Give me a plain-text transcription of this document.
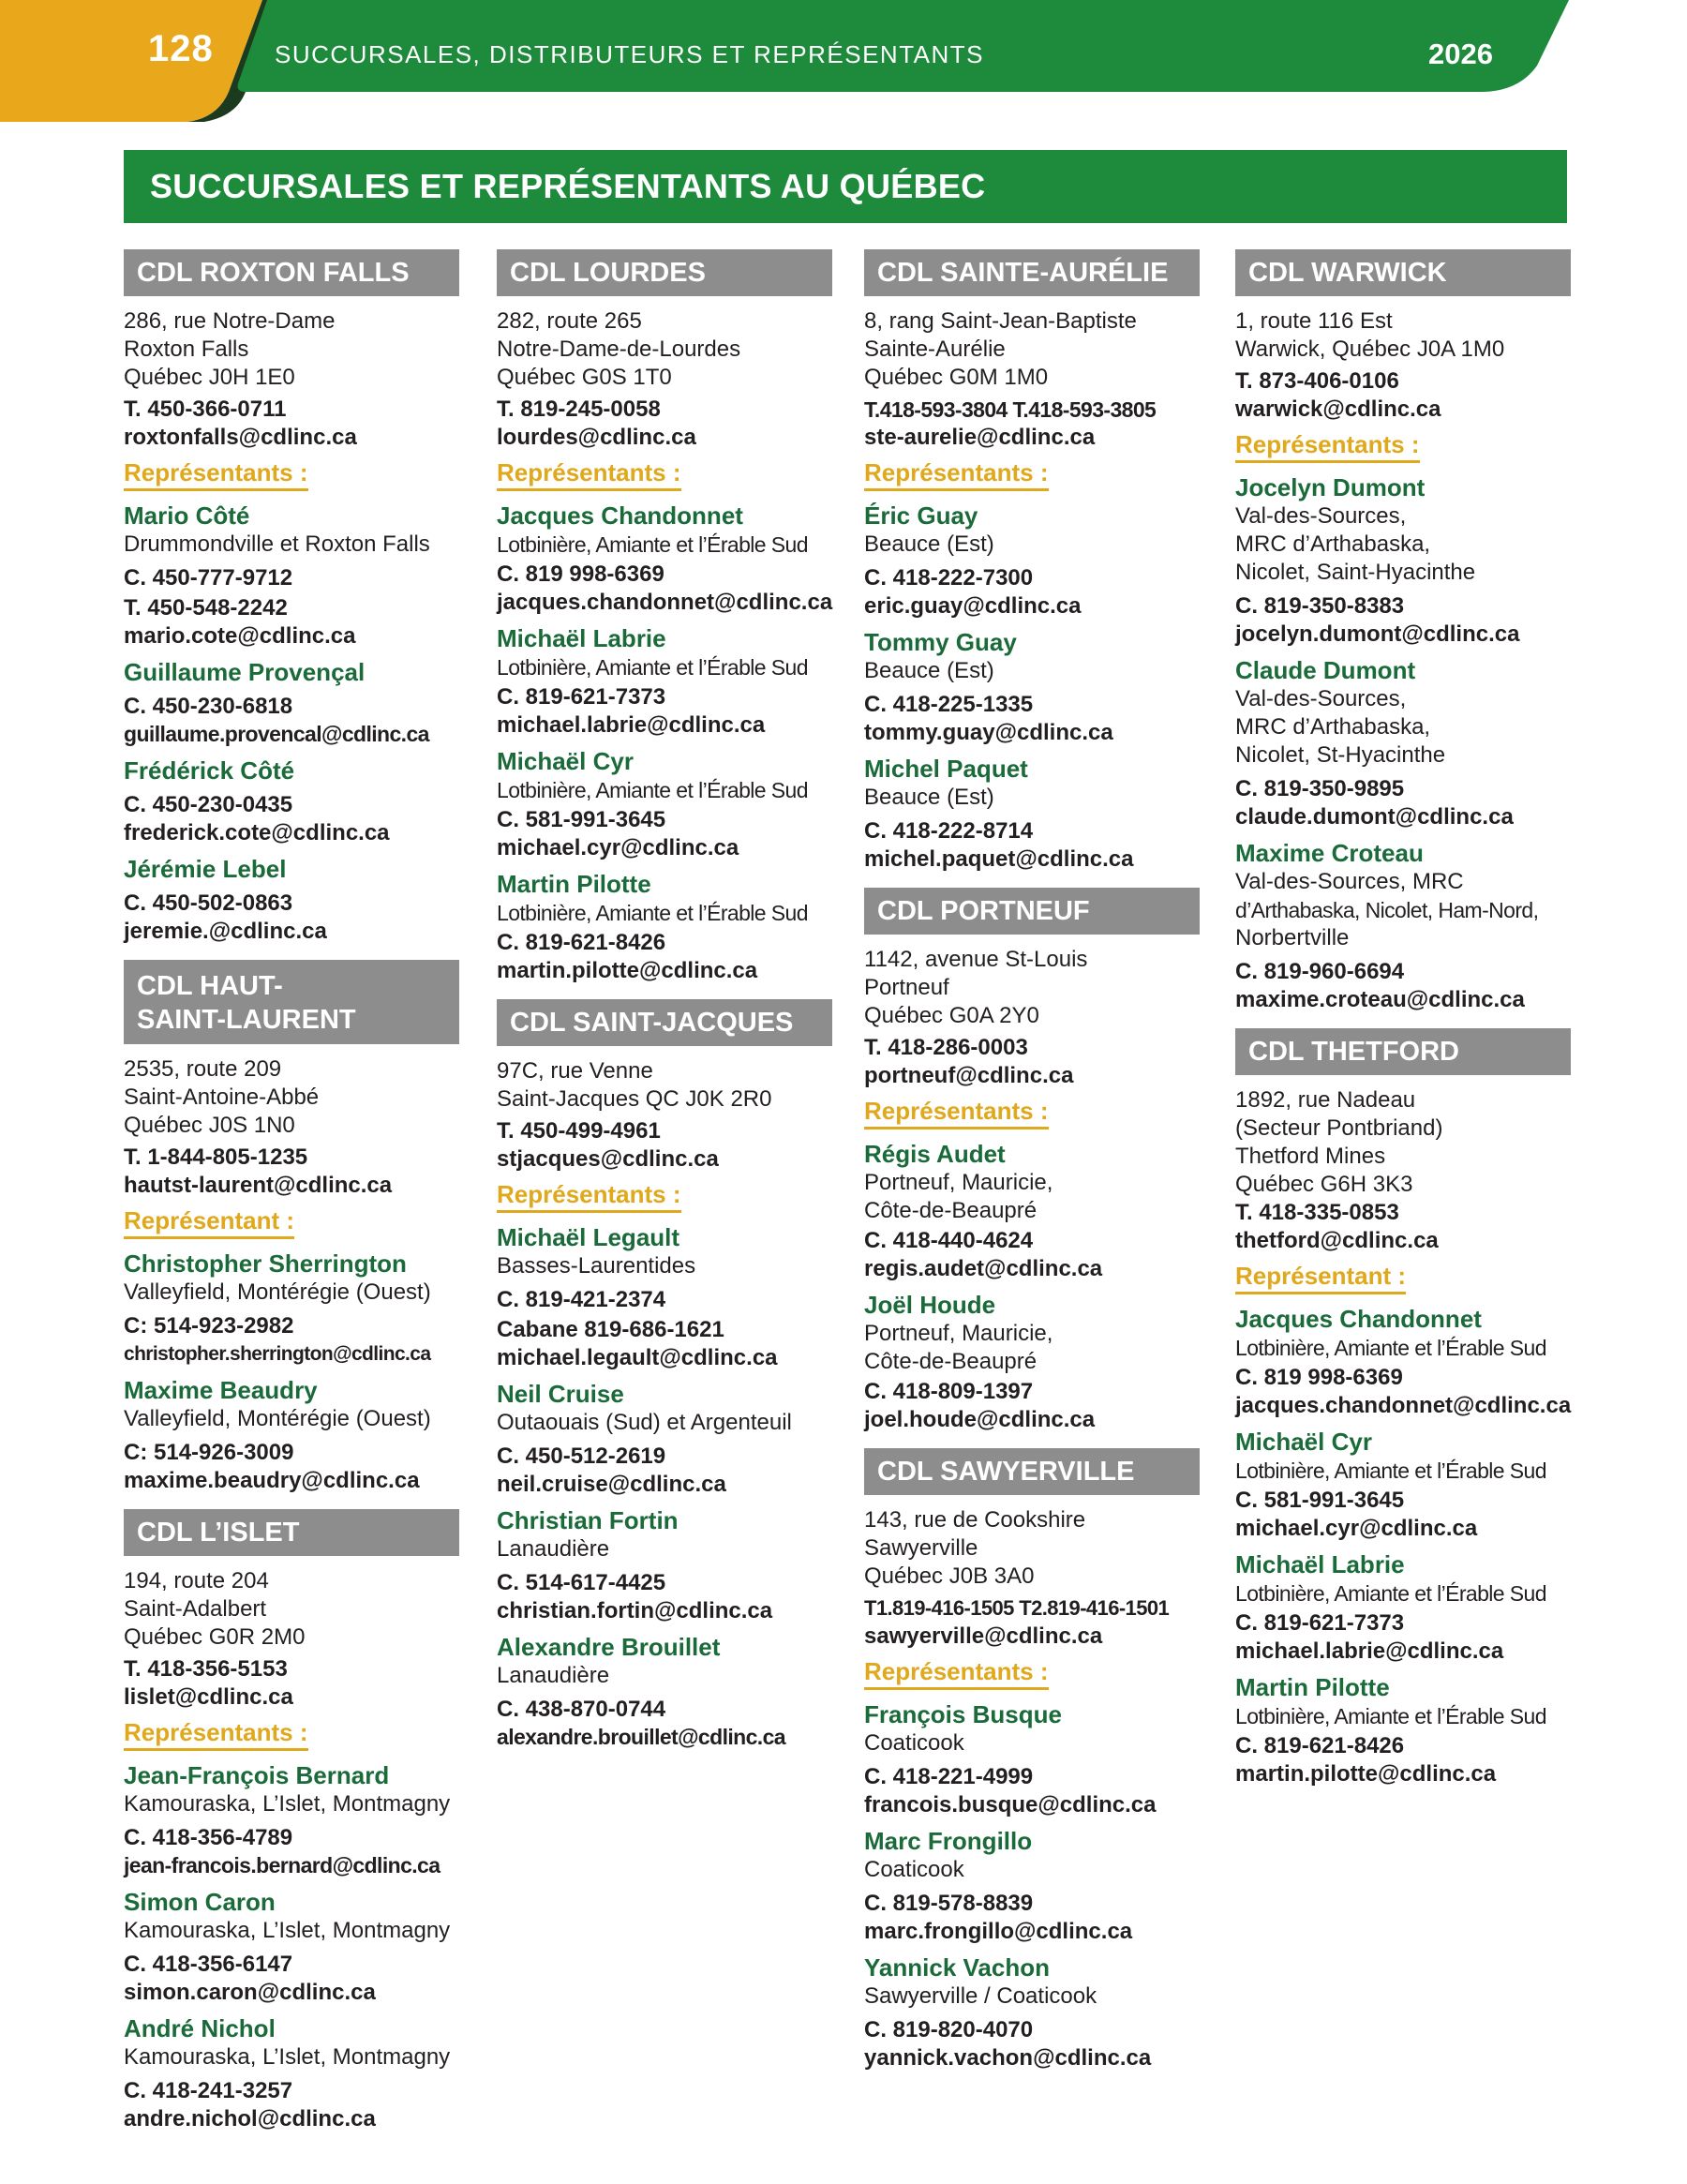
128	SUCCURSALES, DISTRIBUTEURS ET REPRÉSENTANTS	2026
SUCCURSALES ET REPRÉSENTANTS AU QUÉBEC
CDL ROXTON FALLS
286, rue Notre-Dame
Roxton Falls
Québec J0H 1E0
T. 450-366-0711
roxtonfalls@cdlinc.ca
Représentants :
Mario Côté
Drummondville et Roxton Falls
C. 450-777-9712
T. 450-548-2242
mario.cote@cdlinc.ca
Guillaume Provençal
C. 450-230-6818
guillaume.provencal@cdlinc.ca
Frédérick Côté
C. 450-230-0435
frederick.cote@cdlinc.ca
Jérémie Lebel
C. 450-502-0863
jeremie.@cdlinc.ca
CDL HAUT-
SAINT-LAURENT
2535, route 209
Saint-Antoine-Abbé
Québec J0S 1N0
T. 1-844-805-1235
hautst-laurent@cdlinc.ca
Représentant :
Christopher Sherrington
Valleyfield, Montérégie (Ouest)
C: 514-923-2982
christopher.sherrington@cdlinc.ca
Maxime Beaudry
Valleyfield, Montérégie (Ouest)
C: 514-926-3009
maxime.beaudry@cdlinc.ca
CDL L’ISLET
194, route 204
Saint-Adalbert
Québec G0R 2M0
T. 418-356-5153
lislet@cdlinc.ca
Représentants :
Jean-François Bernard
Kamouraska, L’Islet, Montmagny
C. 418-356-4789
jean-francois.bernard@cdlinc.ca
Simon Caron
Kamouraska, L’Islet, Montmagny
C. 418-356-6147
simon.caron@cdlinc.ca
André Nichol
Kamouraska, L’Islet, Montmagny
C. 418-241-3257
andre.nichol@cdlinc.ca
CDL LOURDES
282, route 265
Notre-Dame-de-Lourdes
Québec G0S 1T0
T. 819-245-0058
lourdes@cdlinc.ca
Représentants :
Jacques Chandonnet
Lotbinière, Amiante et l’Érable Sud
C. 819 998-6369
jacques.chandonnet@cdlinc.ca
Michaël Labrie
Lotbinière, Amiante et l’Érable Sud
C. 819-621-7373
michael.labrie@cdlinc.ca
Michaël Cyr
Lotbinière, Amiante et l’Érable Sud
C. 581-991-3645
michael.cyr@cdlinc.ca
Martin Pilotte
Lotbinière, Amiante et l’Érable Sud
C. 819-621-8426
martin.pilotte@cdlinc.ca
CDL SAINT-JACQUES
97C, rue Venne
Saint-Jacques QC J0K 2R0
T. 450-499-4961
stjacques@cdlinc.ca
Représentants :
Michaël Legault
Basses-Laurentides
C. 819-421-2374
Cabane 819-686-1621
michael.legault@cdlinc.ca
Neil Cruise
Outaouais (Sud) et Argenteuil
C. 450-512-2619
neil.cruise@cdlinc.ca
Christian Fortin
Lanaudière
C. 514-617-4425
christian.fortin@cdlinc.ca
Alexandre Brouillet
Lanaudière
C. 438-870-0744
alexandre.brouillet@cdlinc.ca
CDL SAINTE-AURÉLIE
8, rang Saint-Jean-Baptiste
Sainte-Aurélie
Québec G0M 1M0
T.418-593-3804 T.418-593-3805
ste-aurelie@cdlinc.ca
Représentants :
Éric Guay
Beauce (Est)
C. 418-222-7300
eric.guay@cdlinc.ca
Tommy Guay
Beauce (Est)
C. 418-225-1335
tommy.guay@cdlinc.ca
Michel Paquet
Beauce (Est)
C. 418-222-8714
michel.paquet@cdlinc.ca
CDL PORTNEUF
1142, avenue St-Louis
Portneuf
Québec G0A 2Y0
T. 418-286-0003
portneuf@cdlinc.ca
Représentants :
Régis Audet
Portneuf, Mauricie,
Côte-de-Beaupré
C. 418-440-4624
regis.audet@cdlinc.ca
Joël Houde
Portneuf, Mauricie,
Côte-de-Beaupré
C. 418-809-1397
joel.houde@cdlinc.ca
CDL SAWYERVILLE
143, rue de Cookshire
Sawyerville
Québec J0B 3A0
T1.819-416-1505 T2.819-416-1501
sawyerville@cdlinc.ca
Représentants :
François Busque
Coaticook
C. 418-221-4999
francois.busque@cdlinc.ca
Marc Frongillo
Coaticook
C. 819-578-8839
marc.frongillo@cdlinc.ca
Yannick Vachon
Sawyerville / Coaticook
C. 819-820-4070
yannick.vachon@cdlinc.ca
CDL WARWICK
1, route 116 Est
Warwick, Québec J0A 1M0
T. 873-406-0106
warwick@cdlinc.ca
Représentants :
Jocelyn Dumont
Val-des-Sources,
MRC d’Arthabaska,
Nicolet, Saint-Hyacinthe
C. 819-350-8383
jocelyn.dumont@cdlinc.ca
Claude Dumont
Val-des-Sources,
MRC d’Arthabaska,
Nicolet, St-Hyacinthe
C. 819-350-9895
claude.dumont@cdlinc.ca
Maxime Croteau
Val-des-Sources, MRC
d’Arthabaska, Nicolet, Ham-Nord,
Norbertville
C. 819-960-6694
maxime.croteau@cdlinc.ca
CDL THETFORD
1892, rue Nadeau
(Secteur Pontbriand)
Thetford Mines
Québec G6H 3K3
T. 418-335-0853
thetford@cdlinc.ca
Représentant :
Jacques Chandonnet
Lotbinière, Amiante et l’Érable Sud
C. 819 998-6369
jacques.chandonnet@cdlinc.ca
Michaël Cyr
Lotbinière, Amiante et l’Érable Sud
C. 581-991-3645
michael.cyr@cdlinc.ca
Michaël Labrie
Lotbinière, Amiante et l’Érable Sud
C. 819-621-7373
michael.labrie@cdlinc.ca
Martin Pilotte
Lotbinière, Amiante et l’Érable Sud
C. 819-621-8426
martin.pilotte@cdlinc.ca
